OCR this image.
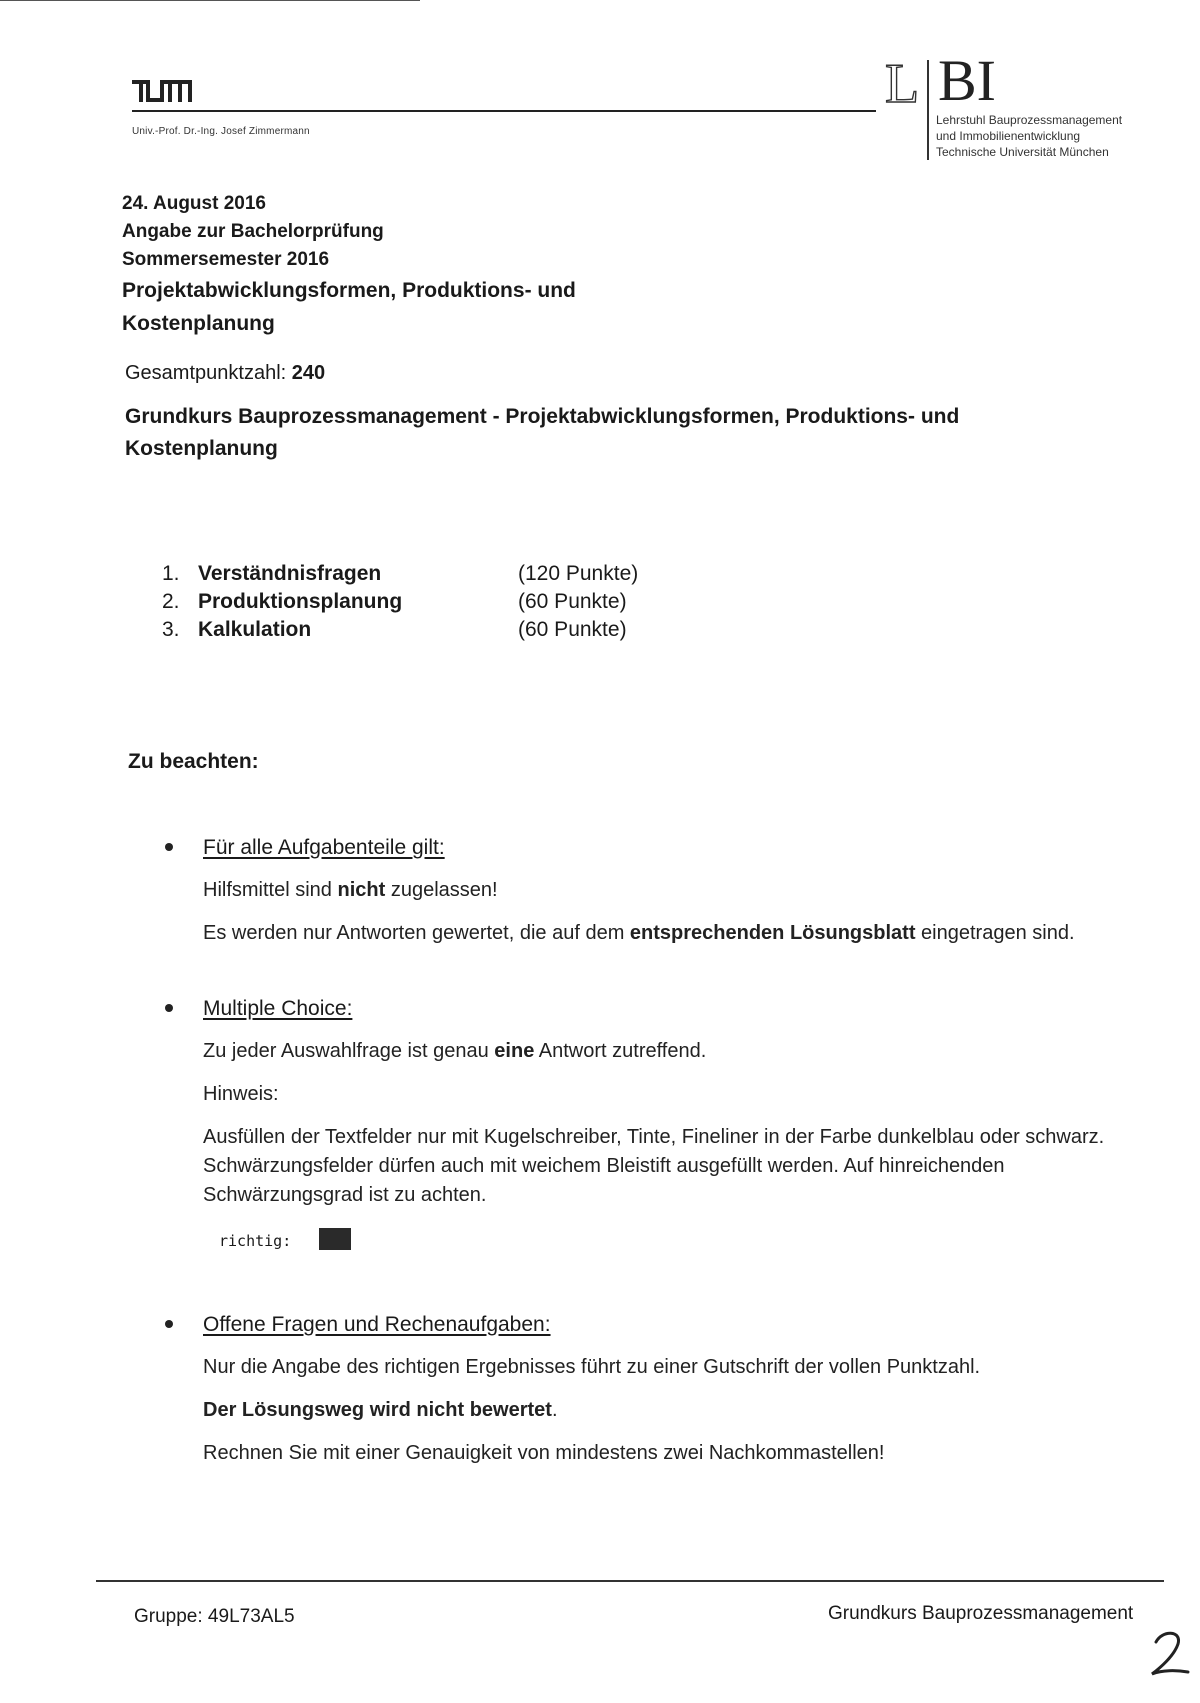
Univ.-Prof. Dr.-Ing. Josef Zimmermann
L BI
Lehrstuhl Bauprozessmanagement
und Immobilienentwicklung
Technische Universität München
24. August 2016
Angabe zur Bachelorprüfung
Sommersemester 2016
Projektabwicklungsformen, Produktions- und
Kostenplanung
Gesamtpunktzahl: 240
Grundkurs Bauprozessmanagement - Projektabwicklungsformen, Produktions- und Kostenplanung
1. Verständnisfragen	(120 Punkte)
2. Produktionsplanung	(60 Punkte)
3. Kalkulation	(60 Punkte)
Zu beachten:
Für alle Aufgabenteile gilt:

Hilfsmittel sind nicht zugelassen!

Es werden nur Antworten gewertet, die auf dem entsprechenden Lösungsblatt eingetragen sind.

Multiple Choice:

Zu jeder Auswahlfrage ist genau eine Antwort zutreffend.

Hinweis:

Ausfüllen der Textfelder nur mit Kugelschreiber, Tinte, Fineliner in der Farbe dunkelblau oder schwarz. Schwärzungsfelder dürfen auch mit weichem Bleistift ausgefüllt werden. Auf hinreichenden Schwärzungsgrad ist zu achten.

richtig:
Offene Fragen und Rechenaufgaben:

Nur die Angabe des richtigen Ergebnisses führt zu einer Gutschrift der vollen Punktzahl.

Der Lösungsweg wird nicht bewertet.

Rechnen Sie mit einer Genauigkeit von mindestens zwei Nachkommastellen!

Gruppe: 49L73AL5	Grundkurs Bauprozessmanagement
